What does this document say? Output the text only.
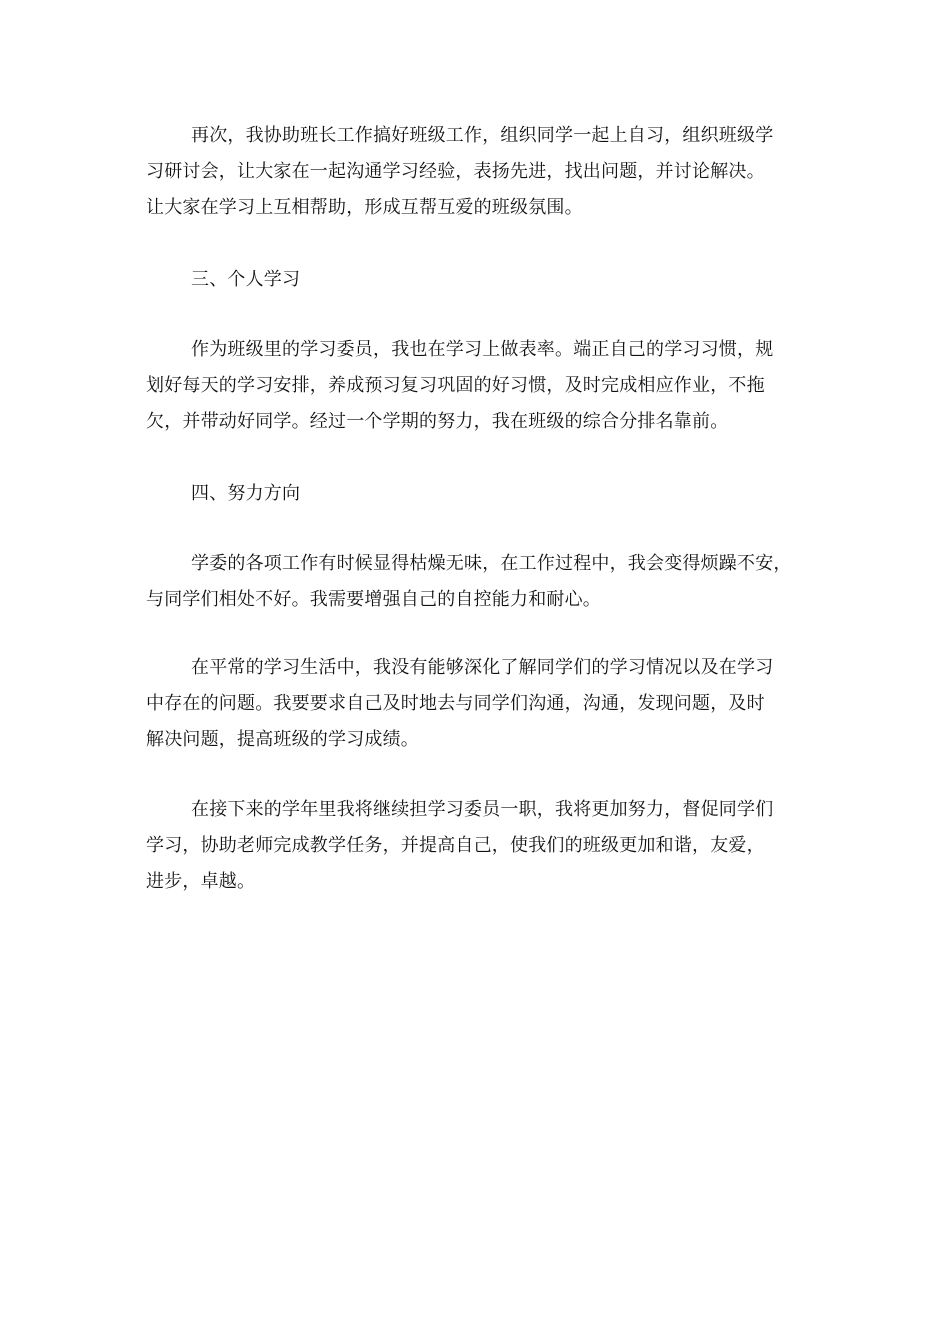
再次，我协助班长工作搞好班级工作，组织同学一起上自习，组织班级学
习研讨会，让大家在一起沟通学习经验，表扬先进，找出问题，并讨论解决。
让大家在学习上互相帮助，形成互帮互爱的班级氛围。
三、个人学习
作为班级里的学习委员，我也在学习上做表率。端正自己的学习习惯，规
划好每天的学习安排，养成预习复习巩固的好习惯，及时完成相应作业，不拖
欠，并带动好同学。经过一个学期的努力，我在班级的综合分排名靠前。
四、努力方向
学委的各项工作有时候显得枯燥无味，在工作过程中，我会变得烦躁不安，
与同学们相处不好。我需要增强自己的自控能力和耐心。
在平常的学习生活中，我没有能够深化了解同学们的学习情况以及在学习
中存在的问题。我要要求自己及时地去与同学们沟通，沟通，发现问题，及时
解决问题，提高班级的学习成绩。
在接下来的学年里我将继续担学习委员一职，我将更加努力，督促同学们
学习，协助老师完成教学任务，并提高自己，使我们的班级更加和谐，友爱，
进步，卓越。
